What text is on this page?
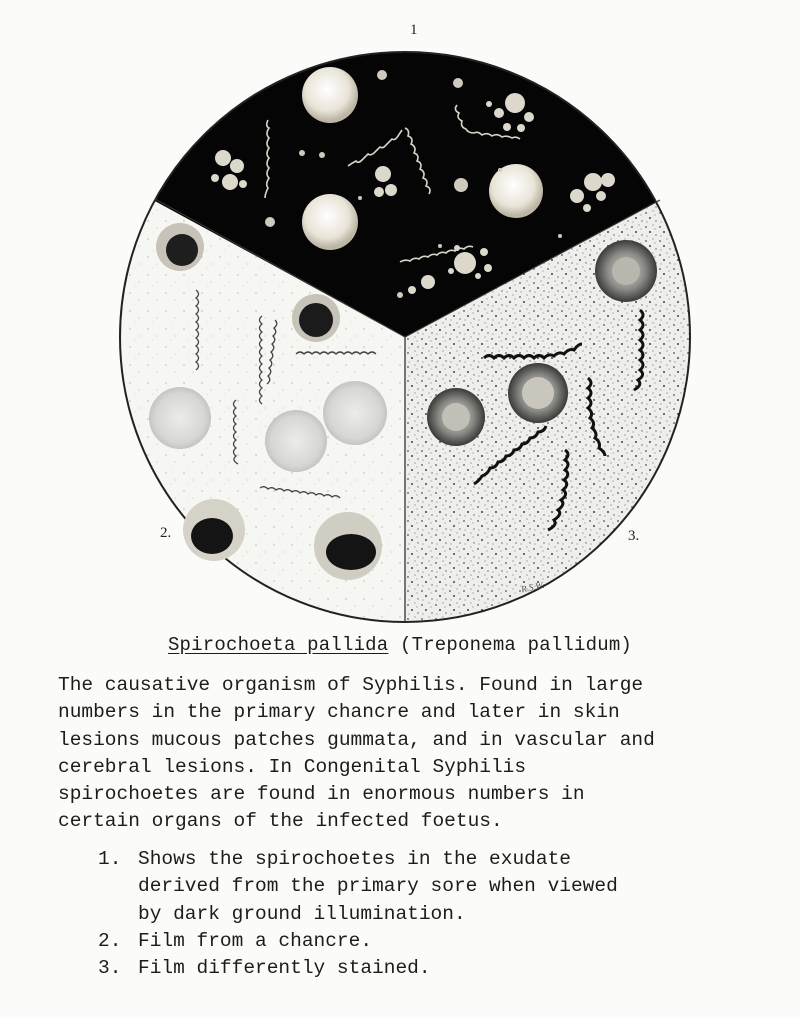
1
2.	3.
R.S.W.
Spirochoeta pallida (Treponema pallidum)
The causative organism of Syphilis. Found in large
numbers in the primary chancre and later in skin
lesions mucous patches gummata, and in vascular and
cerebral lesions. In Congenital Syphilis
spirochoetes are found in enormous numbers in
certain organs of the infected foetus.
1. Shows the spirochoetes in the exudate
derived from the primary sore when viewed
by dark ground illumination.
2. Film from a chancre.
3. Film differently stained.
